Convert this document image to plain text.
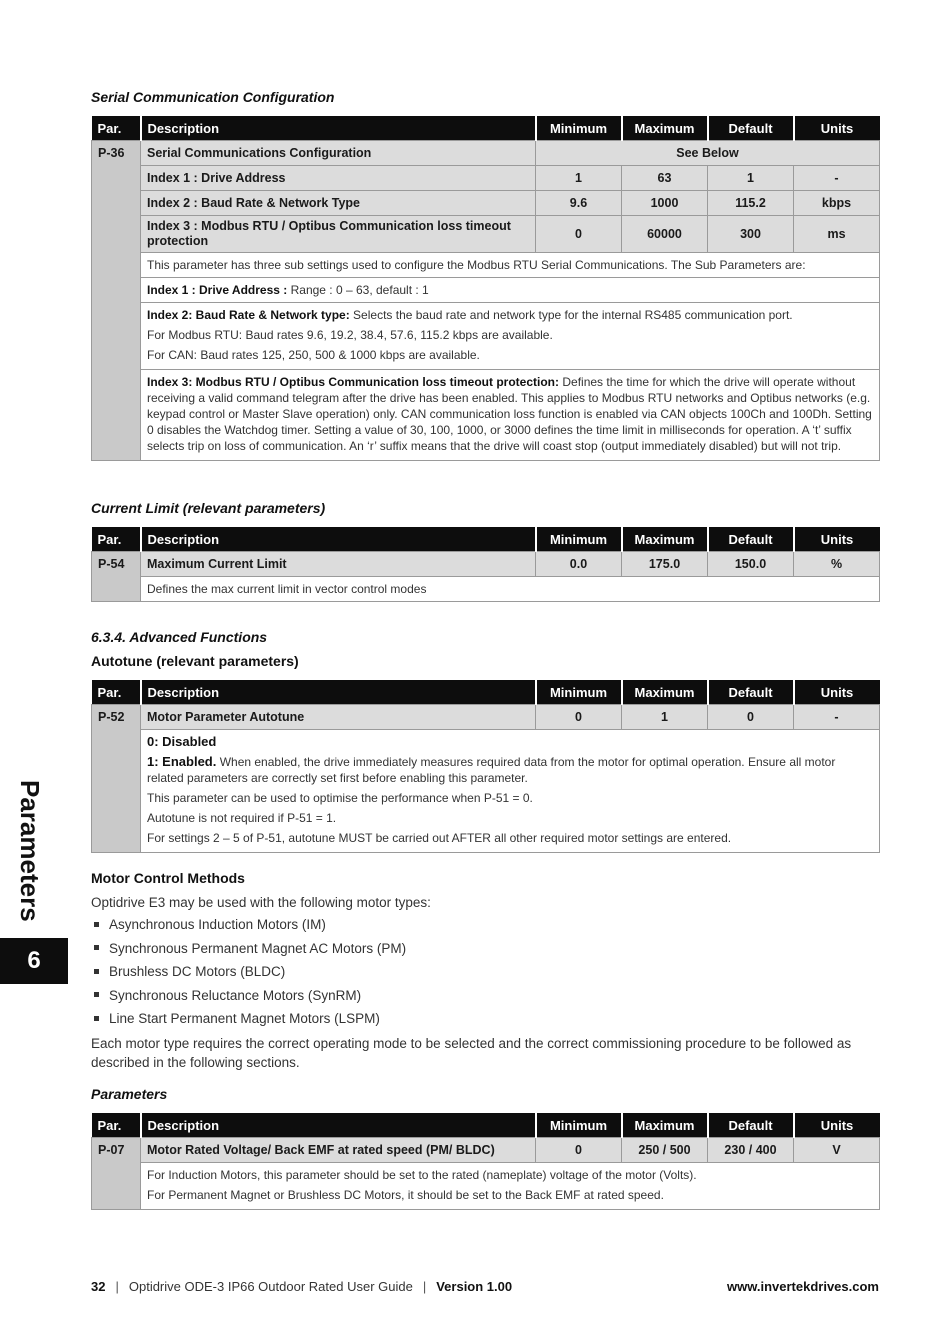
Serial Communication Configuration
Par.	Description	Minimum	Maximum	Default	Units
P-36	Serial Communications Configuration	See Below			
	Index 1 : Drive Address	1	63	1	-
	Index 2 : Baud Rate & Network Type	9.6	1000	115.2	kbps
	Index 3 : Modbus RTU / Optibus Communication loss timeout protection	0	60000	300	ms
	This parameter has three sub settings used to configure the Modbus RTU Serial Communications. The Sub Parameters are:				
	Index 1 : Drive Address : Range : 0 – 63, default : 1				

	Index 2: Baud Rate & Network type: Selects the baud rate and network type for the internal RS485 communication port.

For Modbus RTU: Baud rates 9.6, 19.2, 38.4, 57.6, 115.2 kbps are available.

For CAN: Baud rates 125, 250, 500 & 1000 kbps are available.				

	Index 3: Modbus RTU / Optibus Communication loss timeout protection: Defines the time for which the drive will operate without receiving a valid command telegram after the drive has been enabled. This applies to Modbus RTU networks and Optibus networks (e.g. keypad control or Master Slave operation) only. CAN communication loss function is enabled via CAN objects 100Ch and 100Dh. Setting 0 disables the Watchdog timer. Setting a value of 30, 100, 1000, or 3000 defines the time limit in milliseconds for operation. A ‘t’ suffix selects trip on loss of communication. An ‘r’ suffix means that the drive will coast stop (output immediately disabled) but will not trip.				

Current Limit (relevant parameters)
Par.	Description	Minimum	Maximum	Default	Units
P-54	Maximum Current Limit	0.0	175.0	150.0	%
	Defines the max current limit in vector control modes				
6.3.4. Advanced Functions
Autotune (relevant parameters)
Par.	Description	Minimum	Maximum	Default	Units
P-52	Motor Parameter Autotune	0	1	0	-

	0: Disabled

1: Enabled. When enabled, the drive immediately measures required data from the motor for optimal operation. Ensure all motor related parameters are correctly set first before enabling this parameter.

This parameter can be used to optimise the performance when P-51 = 0.

Autotune is not required if P-51 = 1.

For settings 2 – 5 of P-51, autotune MUST be carried out AFTER all other required motor settings are entered.				

Motor Control Methods
Optidrive E3 may be used with the following motor types:
Asynchronous Induction Motors (IM)
Synchronous Permanent Magnet AC Motors (PM)
Brushless DC Motors (BLDC)
Synchronous Reluctance Motors (SynRM)
Line Start Permanent Magnet Motors (LSPM)
Each motor type requires the correct operating mode to be selected and the correct commissioning procedure to be followed as described in the following sections.
Parameters
Par.	Description	Minimum	Maximum	Default	Units
P-07	Motor Rated Voltage/ Back EMF at rated speed (PM/ BLDC)	0	250 / 500	230 / 400	V

	For Induction Motors, this parameter should be set to the rated (nameplate) voltage of the motor (Volts).

For Permanent Magnet or Brushless DC Motors, it should be set to the Back EMF at rated speed.				

Parameters
6
32 | Optidrive ODE-3 IP66 Outdoor Rated User Guide | Version 1.00	www.invertekdrives.com
